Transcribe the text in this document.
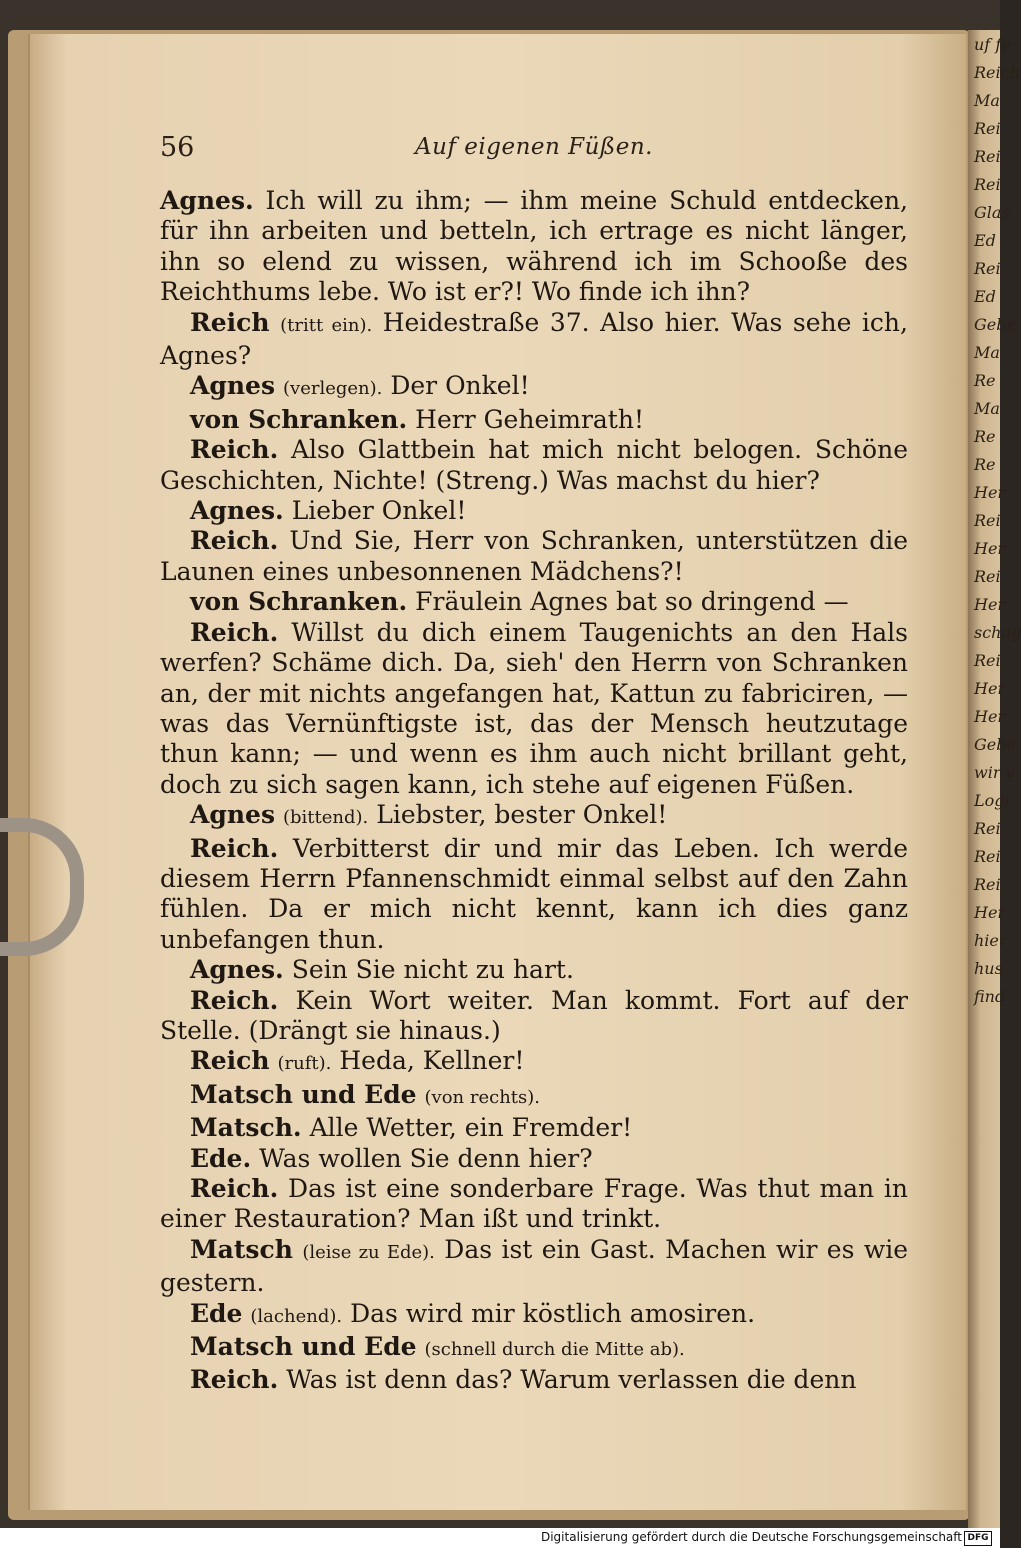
uf fe
Reich
Ma
Rei
Rei
Rei
Glas
Ed
Rei
Ed
Gebe
Ma
Re
Ma
Re
Re
Her
Rei
Her
Rei
Her
schag
Rei
Her
Her
Gebe
wir v
Logi
Rei
Rei
Rei
Her
hier
hus
find
56	Auf eigenen Füßen.

Agnes. Ich will zu ihm; — ihm meine Schuld entdecken, für ihn arbeiten und betteln, ich ertrage es nicht länger, ihn so elend zu wissen, während ich im Schooße des Reichthums lebe. Wo ist er?! Wo finde ich ihn?

Reich (tritt ein). Heidestraße 37. Also hier. Was sehe ich, Agnes?

Agnes (verlegen). Der Onkel!

von Schranken. Herr Geheimrath!

Reich. Also Glattbein hat mich nicht belogen. Schöne Geschichten, Nichte! (Streng.) Was machst du hier?

Agnes. Lieber Onkel!

Reich. Und Sie, Herr von Schranken, unterstützen die Launen eines unbesonnenen Mädchens?!

von Schranken. Fräulein Agnes bat so dringend —

Reich. Willst du dich einem Taugenichts an den Hals werfen? Schäme dich. Da, sieh' den Herrn von Schranken an, der mit nichts angefangen hat, Kattun zu fabriciren, — was das Vernünftigste ist, das der Mensch heutzutage thun kann; — und wenn es ihm auch nicht brillant geht, doch zu sich sagen kann, ich stehe auf eigenen Füßen.

Agnes (bittend). Liebster, bester Onkel!

Reich. Verbitterst dir und mir das Leben. Ich werde diesem Herrn Pfannenschmidt einmal selbst auf den Zahn fühlen. Da er mich nicht kennt, kann ich dies ganz unbefangen thun.

Agnes. Sein Sie nicht zu hart.

Reich. Kein Wort weiter. Man kommt. Fort auf der Stelle. (Drängt sie hinaus.)

Reich (ruft). Heda, Kellner!

Matsch und Ede (von rechts).

Matsch. Alle Wetter, ein Fremder!

Ede. Was wollen Sie denn hier?

Reich. Das ist eine sonderbare Frage. Was thut man in einer Restauration? Man ißt und trinkt.

Matsch (leise zu Ede). Das ist ein Gast. Machen wir es wie gestern.

Ede (lachend). Das wird mir köstlich amosiren.

Matsch und Ede (schnell durch die Mitte ab).

Reich. Was ist denn das? Warum verlassen die denn

Digitalisierung gefördert durch die Deutsche Forschungsgemeinschaft DFG
